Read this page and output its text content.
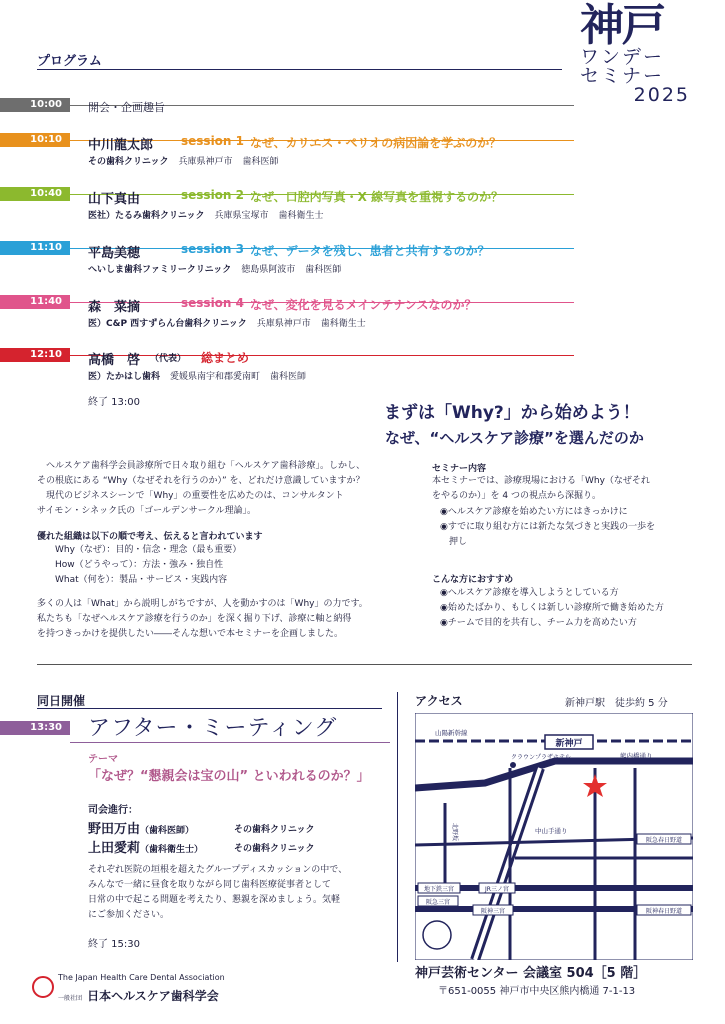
神戸
ワンデー
セミナー
2025
プログラム
10:00	開会・企画趣旨
10:10	中川龍太郎 session 1 なぜ、カリエス・ペリオの病因論を学ぶのか？
その歯科クリニック 兵庫県神戸市 歯科医師
10:40	山下真由	session 2 なぜ、口腔内写真・X 線写真を重視するのか？
医社）たるみ歯科クリニック 兵庫県宝塚市 歯科衛生士
11:10	平島美穂	session 3 なぜ、データを残し、患者と共有するのか？
へいしま歯科ファミリークリニック 徳島県阿波市 歯科医師
11:40	森　菜摘	session 4 なぜ、変化を見るメインテナンスなのか？
医）C&P 西すずらん台歯科クリニック 兵庫県神戸市 歯科衛生士
12:10	高橋　啓 （代表） 総まとめ
医）たかはし歯科 愛媛県南宇和郡愛南町 歯科医師
終了 13:00
まずは「Why?」から始めよう！
なぜ、“ヘルスケア診療”を選んだのか
　ヘルスケア歯科学会員診療所で日々取り組む「ヘルスケア歯科診療」。しかし、
その根底にある “Why（なぜそれを行うのか）” を、どれだけ意識していますか？
　現代のビジネスシーンで「Why」の重要性を広めたのは、コンサルタント
サイモン・シネック氏の「ゴールデンサークル理論」。
優れた組織は以下の順で考え、伝えると言われています
Why（なぜ）：目的・信念・理念（最も重要）
How（どうやって）：方法・強み・独自性
What（何を）：製品・サービス・実践内容
多くの人は「What」から説明しがちですが、人を動かすのは「Why」の力です。
私たちも「なぜヘルスケア診療を行うのか」を深く掘り下げ、診療に軸と納得
を持つきっかけを提供したい――そんな想いで本セミナーを企画しました。
セミナー内容
本セミナーでは、診療現場における「Why（なぜそれ
をやるのか）」を 4 つの視点から深掘り。
◉ヘルスケア診療を始めたい方にはきっかけに
◉すでに取り組む方には新たな気づきと実践の一歩を
　押し
こんな方におすすめ
◉ヘルスケア診療を導入しようとしている方
◉始めたばかり、もしくは新しい診療所で働き始めた方
◉チームで目的を共有し、チーム力を高めたい方
同日開催
13:30	アフター・ミーティング
テーマ
「なぜ？“懇親会は宝の山” といわれるのか？」
司会進行：
野田万由（歯科医師）	その歯科クリニック
上田愛莉（歯科衛生士）	その歯科クリニック
それぞれ医院の垣根を超えたグループディスカッションの中で、
みんなで一緒に昼食を取りながら同じ歯科医療従事者として
日常の中で起こる問題を考えたり、懇親を深めましょう。気軽
にご参加ください。
終了 15:30
アクセス	新神戸駅　徒歩約 5 分
新神戸
山陽新幹線
クラウンプラザホテル	熊内橋通り
北野坂	中山手通り
阪急春日野道
阪神春日野道
地下鉄三宮	JR三ノ宮
阪急三宮
阪神三宮
神戸芸術センター 会議室 504［5 階］
〒651-0055 神戸市中央区熊内橋通 7-1-13
The Japan Health Care Dental Association
一般社団 日本ヘルスケア歯科学会
